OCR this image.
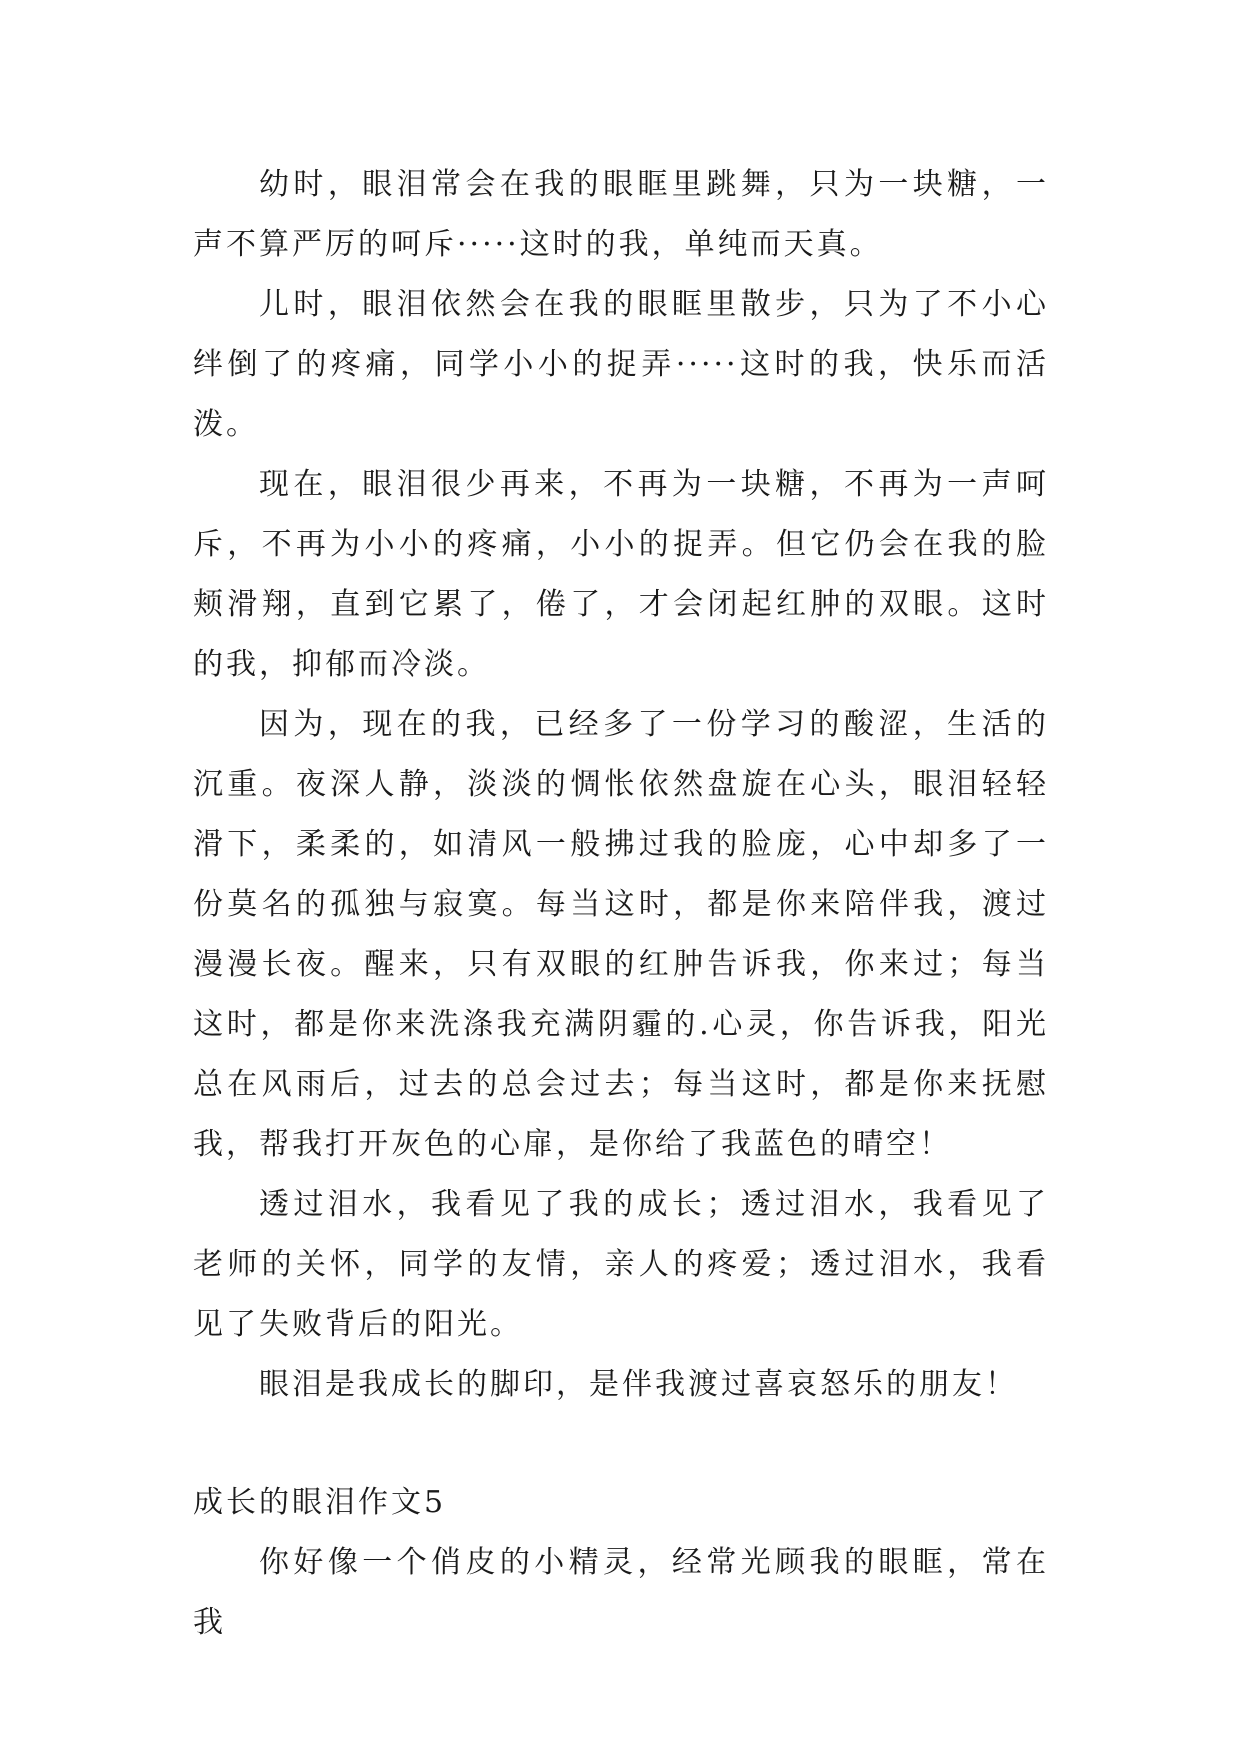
幼时，眼泪常会在我的眼眶里跳舞，只为一块糖，一声不算严厉的呵斥·····这时的我，单纯而天真。

儿时，眼泪依然会在我的眼眶里散步，只为了不小心绊倒了的疼痛，同学小小的捉弄·····这时的我，快乐而活泼。

现在，眼泪很少再来，不再为一块糖，不再为一声呵斥，不再为小小的疼痛，小小的捉弄。但它仍会在我的脸颊滑翔，直到它累了，倦了，才会闭起红肿的双眼。这时的我，抑郁而冷淡。

因为，现在的我，已经多了一份学习的酸涩，生活的沉重。夜深人静，淡淡的惆怅依然盘旋在心头，眼泪轻轻滑下，柔柔的，如清风一般拂过我的脸庞，心中却多了一份莫名的孤独与寂寞。每当这时，都是你来陪伴我，渡过漫漫长夜。醒来，只有双眼的红肿告诉我，你来过；每当这时，都是你来洗涤我充满阴霾的.心灵，你告诉我，阳光总在风雨后，过去的总会过去；每当这时，都是你来抚慰我，帮我打开灰色的心扉，是你给了我蓝色的晴空！

透过泪水，我看见了我的成长；透过泪水，我看见了老师的关怀，同学的友情，亲人的疼爱；透过泪水，我看见了失败背后的阳光。

眼泪是我成长的脚印，是伴我渡过喜哀怒乐的朋友！

成长的眼泪作文5

你好像一个俏皮的小精灵，经常光顾我的眼眶，常在我
